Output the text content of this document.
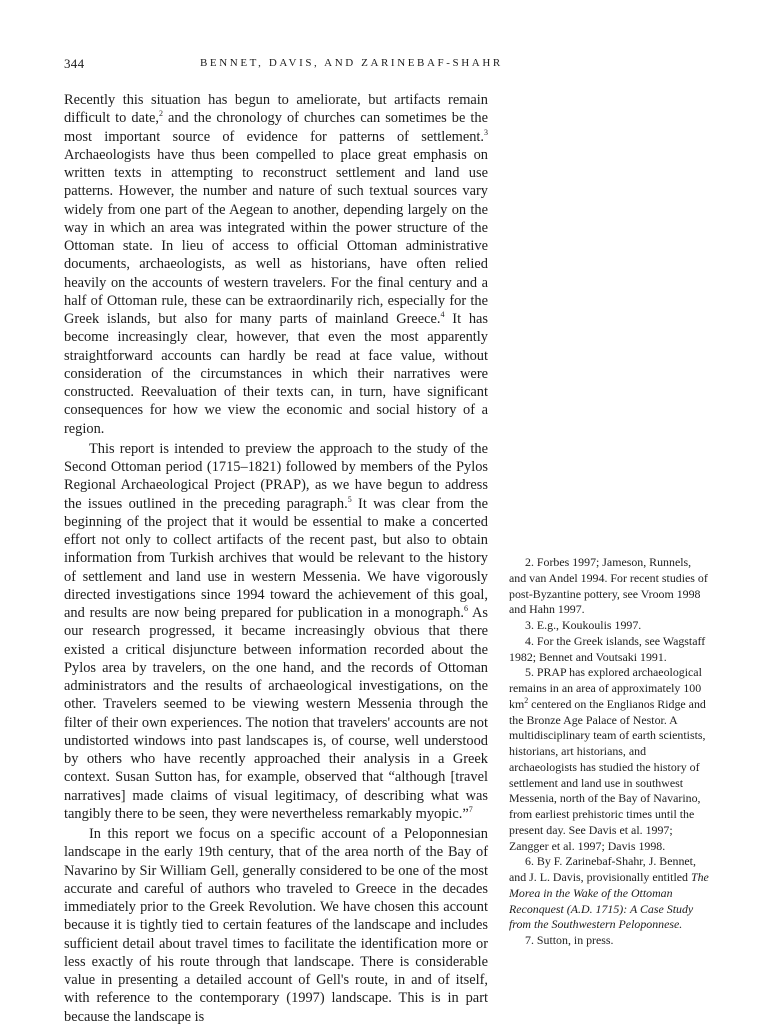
344	BENNET, DAVIS, AND ZARINEBAF-SHAHR

Recently this situation has begun to ameliorate, but artifacts remain difficult to date,$^2$ and the chronology of churches can sometimes be the most important source of evidence for patterns of settlement.$^3$ Archaeologists have thus been compelled to place great emphasis on written texts in attempting to reconstruct settlement and land use patterns. However, the number and nature of such textual sources vary widely from one part of the Aegean to another, depending largely on the way in which an area was integrated within the power structure of the Ottoman state. In lieu of access to official Ottoman administrative documents, archaeologists, as well as historians, have often relied heavily on the accounts of western travelers. For the final century and a half of Ottoman rule, these can be extraordinarily rich, especially for the Greek islands, but also for many parts of mainland Greece.$^4$ It has become increasingly clear, however, that even the most apparently straightforward accounts can hardly be read at face value, without consideration of the circumstances in which their narratives were constructed. Reevaluation of their texts can, in turn, have significant consequences for how we view the economic and social history of a region.

This report is intended to preview the approach to the study of the Second Ottoman period (1715–1821) followed by members of the Pylos Regional Archaeological Project (PRAP), as we have begun to address the issues outlined in the preceding paragraph.$^5$ It was clear from the beginning of the project that it would be essential to make a concerted effort not only to collect artifacts of the recent past, but also to obtain information from Turkish archives that would be relevant to the history of settlement and land use in western Messenia. We have vigorously directed investigations since 1994 toward the achievement of this goal, and results are now being prepared for publication in a monograph.$^6$ As our research progressed, it became increasingly obvious that there existed a critical disjuncture between information recorded about the Pylos area by travelers, on the one hand, and the records of Ottoman administrators and the results of archaeological investigations, on the other. Travelers seemed to be viewing western Messenia through the filter of their own experiences. The notion that travelers' accounts are not undistorted windows into past landscapes is, of course, well understood by others who have recently approached their analysis in a Greek context. Susan Sutton has, for example, observed that “although [travel narratives] made claims of visual legitimacy, of describing what was tangibly there to be seen, they were nevertheless remarkably myopic.”$^7$

In this report we focus on a specific account of a Peloponnesian landscape in the early 19th century, that of the area north of the Bay of Navarino by Sir William Gell, generally considered to be one of the most accurate and careful of authors who traveled to Greece in the decades immediately prior to the Greek Revolution. We have chosen this account because it is tightly tied to certain features of the landscape and includes sufficient detail about travel times to facilitate the identification more or less exactly of his route through that landscape. There is considerable value in presenting a detailed account of Gell's route, in and of itself, with reference to the contemporary (1997) landscape. This is in part because the landscape is

2. Forbes 1997; Jameson, Runnels, and van Andel 1994. For recent studies of post-Byzantine pottery, see Vroom 1998 and Hahn 1997.

3. E.g., Koukoulis 1997.

4. For the Greek islands, see Wagstaff 1982; Bennet and Voutsaki 1991.

5. PRAP has explored archaeological remains in an area of approximately 100 $km^2$ centered on the Englianos Ridge and the Bronze Age Palace of Nestor. A multidisciplinary team of earth scientists, historians, art historians, and archaeologists has studied the history of settlement and land use in southwest Messenia, north of the Bay of Navarino, from earliest prehistoric times until the present day. See Davis et al. 1997; Zangger et al. 1997; Davis 1998.

6. By F. Zarinebaf-Shahr, J. Bennet, and J. L. Davis, provisionally entitled The Morea in the Wake of the Ottoman Reconquest (A.D. 1715): A Case Study from the Southwestern Peloponnese.

7. Sutton, in press.
